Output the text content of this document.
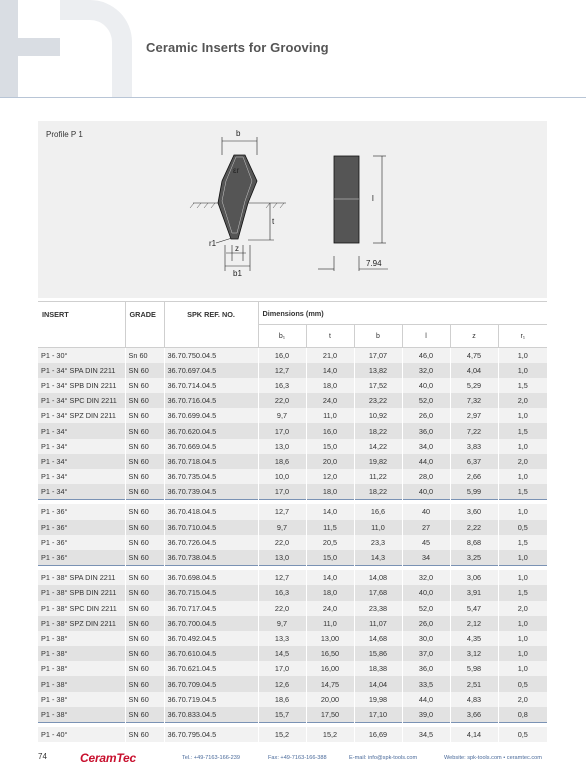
Ceramic Inserts for Grooving
Profile P 1	b
εr
t
r1
z
b1
l
7.94
INSERT	GRADE	SPK REF. NO.	Dimensions (mm)					
			b₁	t	b	l	z	r₁
P1 - 30°	Sn 60	36.70.750.04.5	16,0	21,0	17,07	46,0	4,75	1,0
P1 - 34° SPA DIN 2211	SN 60	36.70.697.04.5	12,7	14,0	13,82	32,0	4,04	1,0
P1 - 34° SPB DIN 2211	SN 60	36.70.714.04.5	16,3	18,0	17,52	40,0	5,29	1,5
P1 - 34° SPC DIN 2211	SN 60	36.70.716.04.5	22,0	24,0	23,22	52,0	7,32	2,0
P1 - 34° SPZ DIN 2211	SN 60	36.70.699.04.5	9,7	11,0	10,92	26,0	2,97	1,0
P1 - 34°	SN 60	36.70.620.04.5	17,0	16,0	18,22	36,0	7,22	1,5
P1 - 34°	SN 60	36.70.669.04.5	13,0	15,0	14,22	34,0	3,83	1,0
P1 - 34°	SN 60	36.70.718.04.5	18,6	20,0	19,82	44,0	6,37	2,0
P1 - 34°	SN 60	36.70.735.04.5	10,0	12,0	11,22	28,0	2,66	1,0
P1 - 34°	SN 60	36.70.739.04.5	17,0	18,0	18,22	40,0	5,99	1,5

P1 - 36°	SN 60	36.70.418.04.5	12,7	14,0	16,6	40	3,60	1,0
P1 - 36°	SN 60	36.70.710.04.5	9,7	11,5	11,0	27	2,22	0,5
P1 - 36°	SN 60	36.70.726.04.5	22,0	20,5	23,3	45	8,68	1,5
P1 - 36°	SN 60	36.70.738.04.5	13,0	15,0	14,3	34	3,25	1,0

P1 - 38° SPA DIN 2211	SN 60	36.70.698.04.5	12,7	14,0	14,08	32,0	3,06	1,0
P1 - 38° SPB DIN 2211	SN 60	36.70.715.04.5	16,3	18,0	17,68	40,0	3,91	1,5
P1 - 38° SPC DIN 2211	SN 60	36.70.717.04.5	22,0	24,0	23,38	52,0	5,47	2,0
P1 - 38° SPZ DIN 2211	SN 60	36.70.700.04.5	9,7	11,0	11,07	26,0	2,12	1,0
P1 - 38°	SN 60	36.70.492.04.5	13,3	13,00	14,68	30,0	4,35	1,0
P1 - 38°	SN 60	36.70.610.04.5	14,5	16,50	15,86	37,0	3,12	1,0
P1 - 38°	SN 60	36.70.621.04.5	17,0	16,00	18,38	36,0	5,98	1,0
P1 - 38°	SN 60	36.70.709.04.5	12,6	14,75	14,04	33,5	2,51	0,5
P1 - 38°	SN 60	36.70.719.04.5	18,6	20,00	19,98	44,0	4,83	2,0
P1 - 38°	SN 60	36.70.833.04.5	15,7	17,50	17,10	39,0	3,66	0,8

P1 - 40°	SN 60	36.70.795.04.5	15,2	15,2	16,69	34,5	4,14	0,5
74	CeramTec	Tel.: +49-7163-166-239	Fax: +49-7163-166-388	E-mail: info@spk-tools.com	Website: spk-tools.com • ceramtec.com
